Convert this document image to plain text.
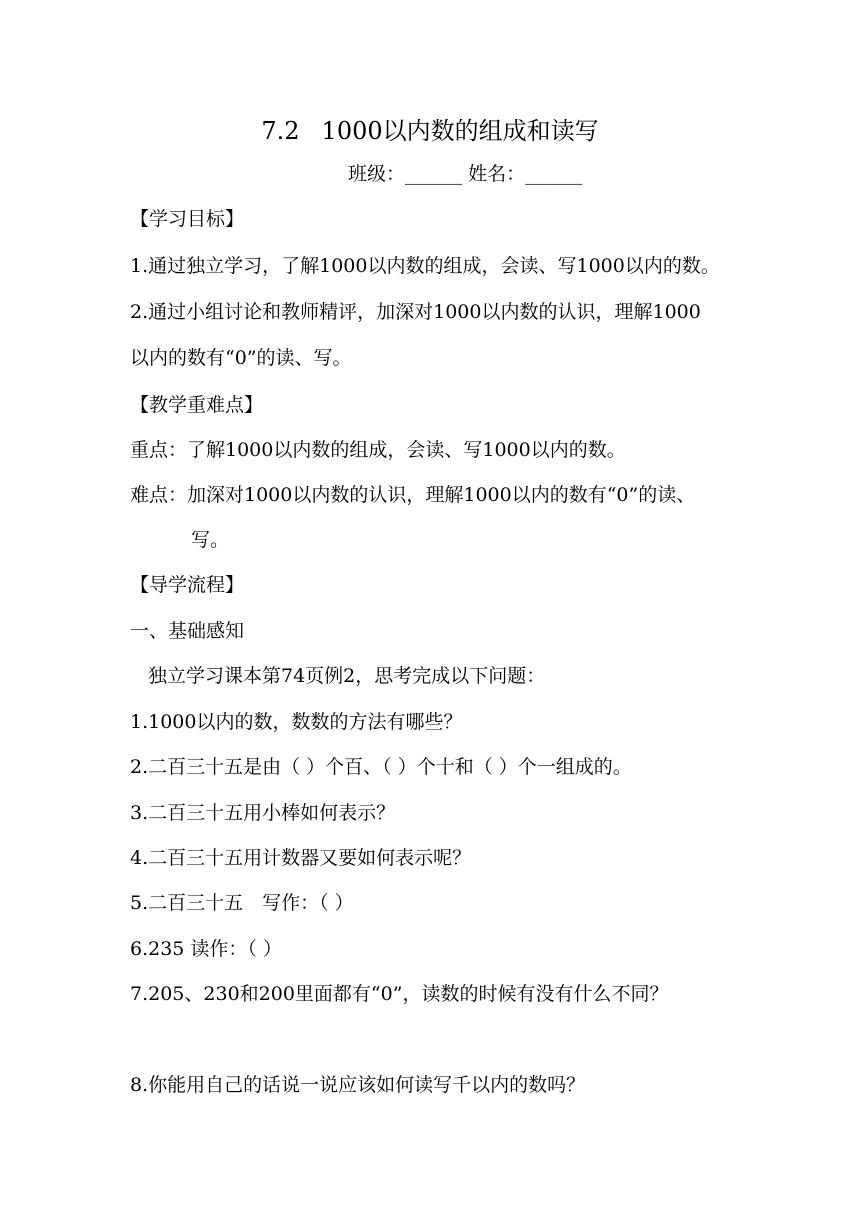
7.2 1000以内数的组成和读写
班级：______ 姓名：______
【学习目标】
1.通过独立学习，了解1000以内数的组成，会读、写1000以内的数。
2.通过小组讨论和教师精评，加深对1000以内数的认识，理解1000
以内的数有“0”的读、写。
【教学重难点】
重点：了解1000以内数的组成，会读、写1000以内的数。
难点：加深对1000以内数的认识，理解1000以内的数有“0”的读、
写。
【导学流程】
一、基础感知
独立学习课本第74页例2，思考完成以下问题：
1.1000以内的数，数数的方法有哪些？
2.二百三十五是由（ ）个百、（ ）个十和（ ）个一组成的。
3.二百三十五用小棒如何表示？
4.二百三十五用计数器又要如何表示呢？
5.二百三十五　写作：（ ）
6.235 读作：（ ）
7.205、230和200里面都有“0”，读数的时候有没有什么不同？
8.你能用自己的话说一说应该如何读写千以内的数吗？
